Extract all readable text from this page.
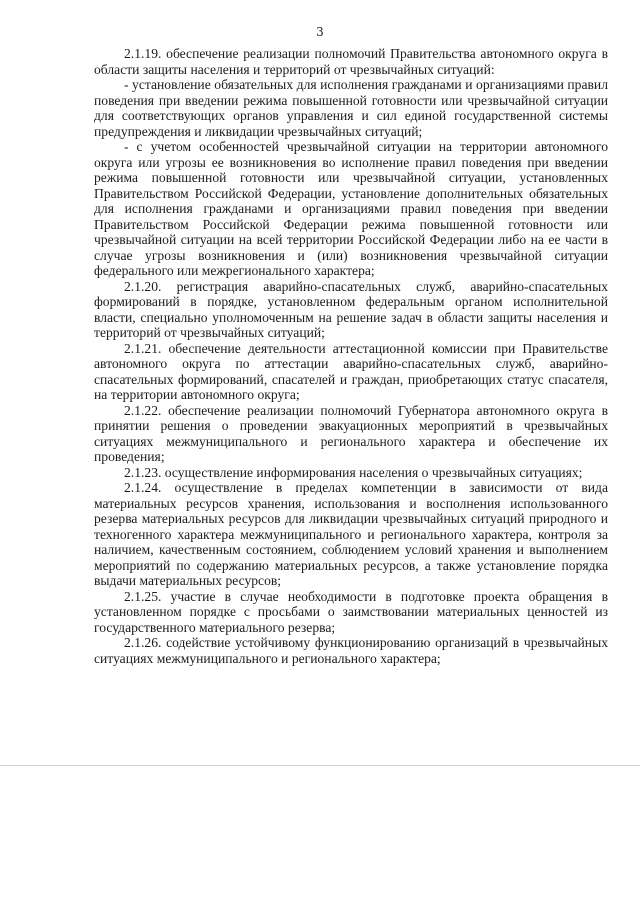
3

2.1.19. обеспечение реализации полномочий Правительства автономного округа в области защиты населения и территорий от чрезвычайных ситуаций:

- установление обязательных для исполнения гражданами и организациями правил поведения при введении режима повышенной готовности или чрезвычайной ситуации для соответствующих органов управления и сил единой государственной системы предупреждения и ликвидации чрезвычайных ситуаций;

- с учетом особенностей чрезвычайной ситуации на территории автономного округа или угрозы ее возникновения во исполнение правил поведения при введении режима повышенной готовности или чрезвычайной ситуации, установленных Правительством Российской Федерации, установление дополнительных обязательных для исполнения гражданами и организациями правил поведения при введении Правительством Российской Федерации режима повышенной готовности или чрезвычайной ситуации на всей территории Российской Федерации либо на ее части в случае угрозы возникновения и (или) возникновения чрезвычайной ситуации федерального или межрегионального характера;

2.1.20. регистрация аварийно-спасательных служб, аварийно-спасательных формирований в порядке, установленном федеральным органом исполнительной власти, специально уполномоченным на решение задач в области защиты населения и территорий от чрезвычайных ситуаций;

2.1.21. обеспечение деятельности аттестационной комиссии при Правительстве автономного округа по аттестации аварийно-спасательных служб, аварийно-спасательных формирований, спасателей и граждан, приобретающих статус спасателя, на территории автономного округа;

2.1.22. обеспечение реализации полномочий Губернатора автономного округа в принятии решения о проведении эвакуационных мероприятий в чрезвычайных ситуациях межмуниципального и регионального характера и обеспечение их проведения;

2.1.23. осуществление информирования населения о чрезвычайных ситуациях;

2.1.24. осуществление в пределах компетенции в зависимости от вида материальных ресурсов хранения, использования и восполнения использованного резерва материальных ресурсов для ликвидации чрезвычайных ситуаций природного и техногенного характера межмуниципального и регионального характера, контроля за наличием, качественным состоянием, соблюдением условий хранения и выполнением мероприятий по содержанию материальных ресурсов, а также установление порядка выдачи материальных ресурсов;

2.1.25. участие в случае необходимости в подготовке проекта обращения в установленном порядке с просьбами о заимствовании материальных ценностей из государственного материального резерва;

2.1.26. содействие устойчивому функционированию организаций в чрезвычайных ситуациях межмуниципального и регионального характера;
